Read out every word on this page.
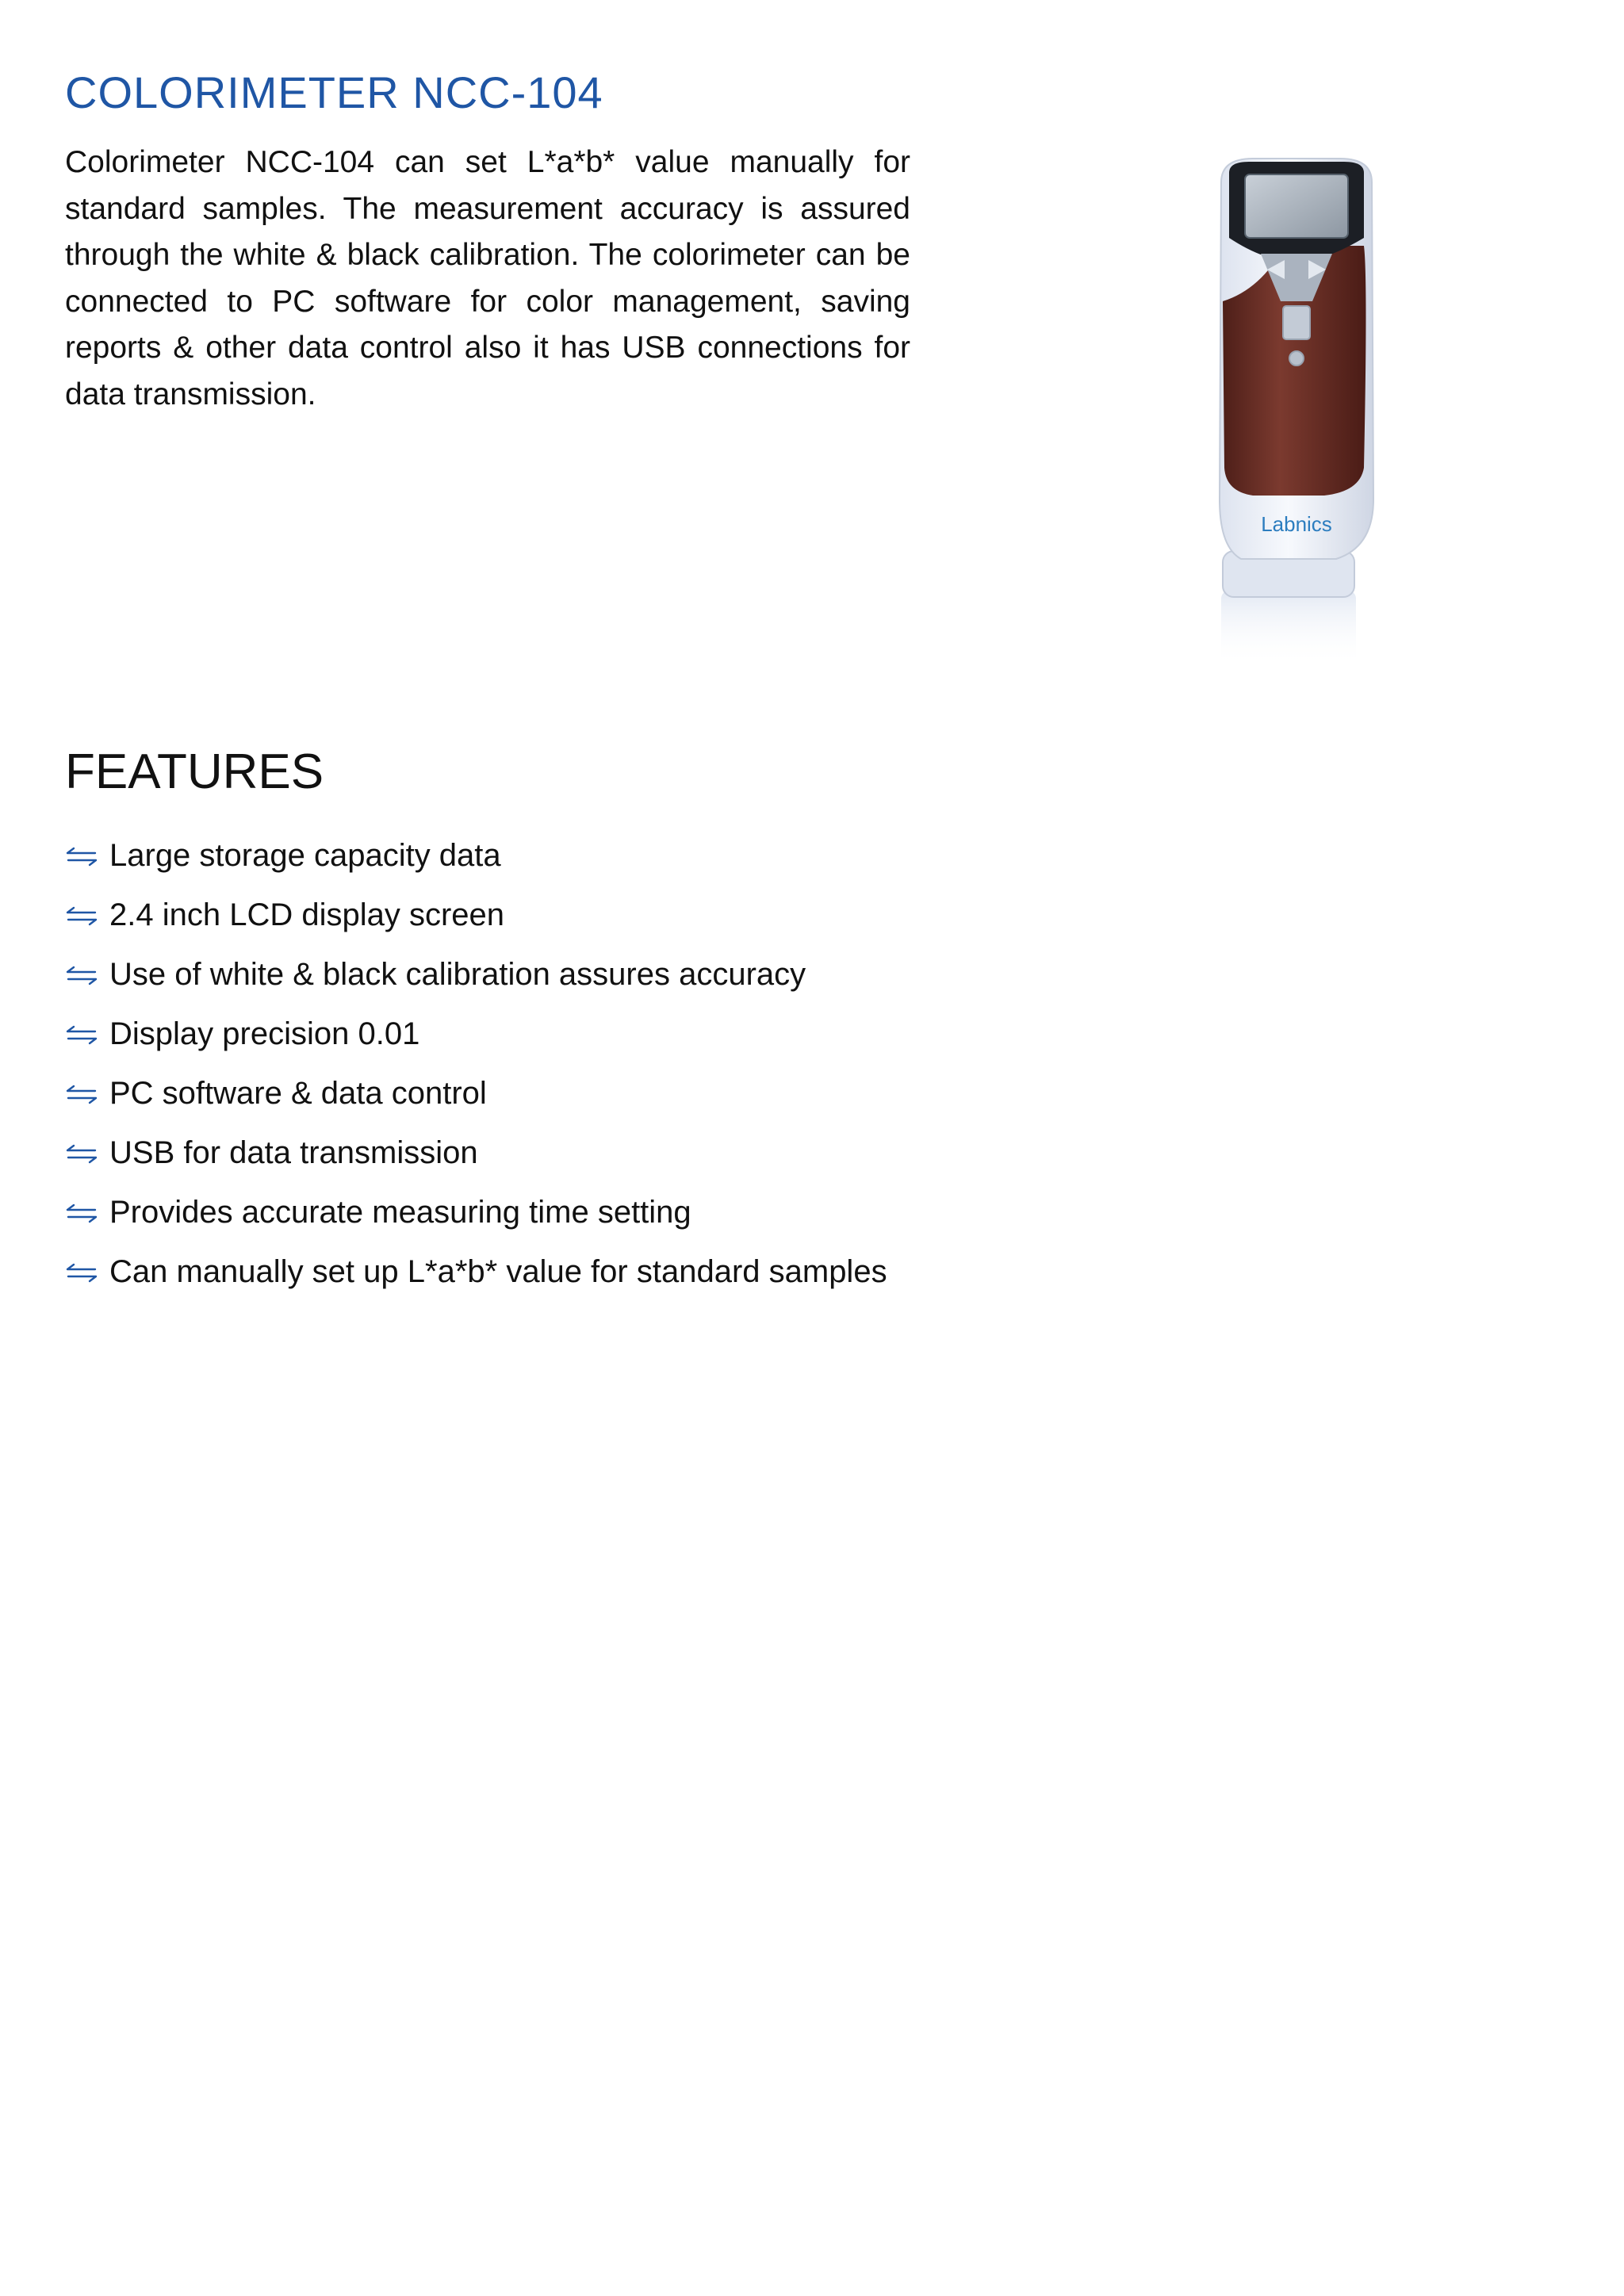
COLORIMETER NCC-104

Colorimeter NCC-104 can set L*a*b* value manually for standard samples. The measurement accuracy is assured through the white & black calibration. The colorimeter can be connected to PC software for color management, saving reports & other data control also it has USB connections for data transmission.

Labnics
FEATURES
Large storage capacity data
2.4 inch LCD display screen
Use of white & black calibration assures accuracy
Display precision 0.01
PC software & data control
USB for data transmission
Provides accurate measuring time setting
Can manually set up L*a*b* value for standard samples
